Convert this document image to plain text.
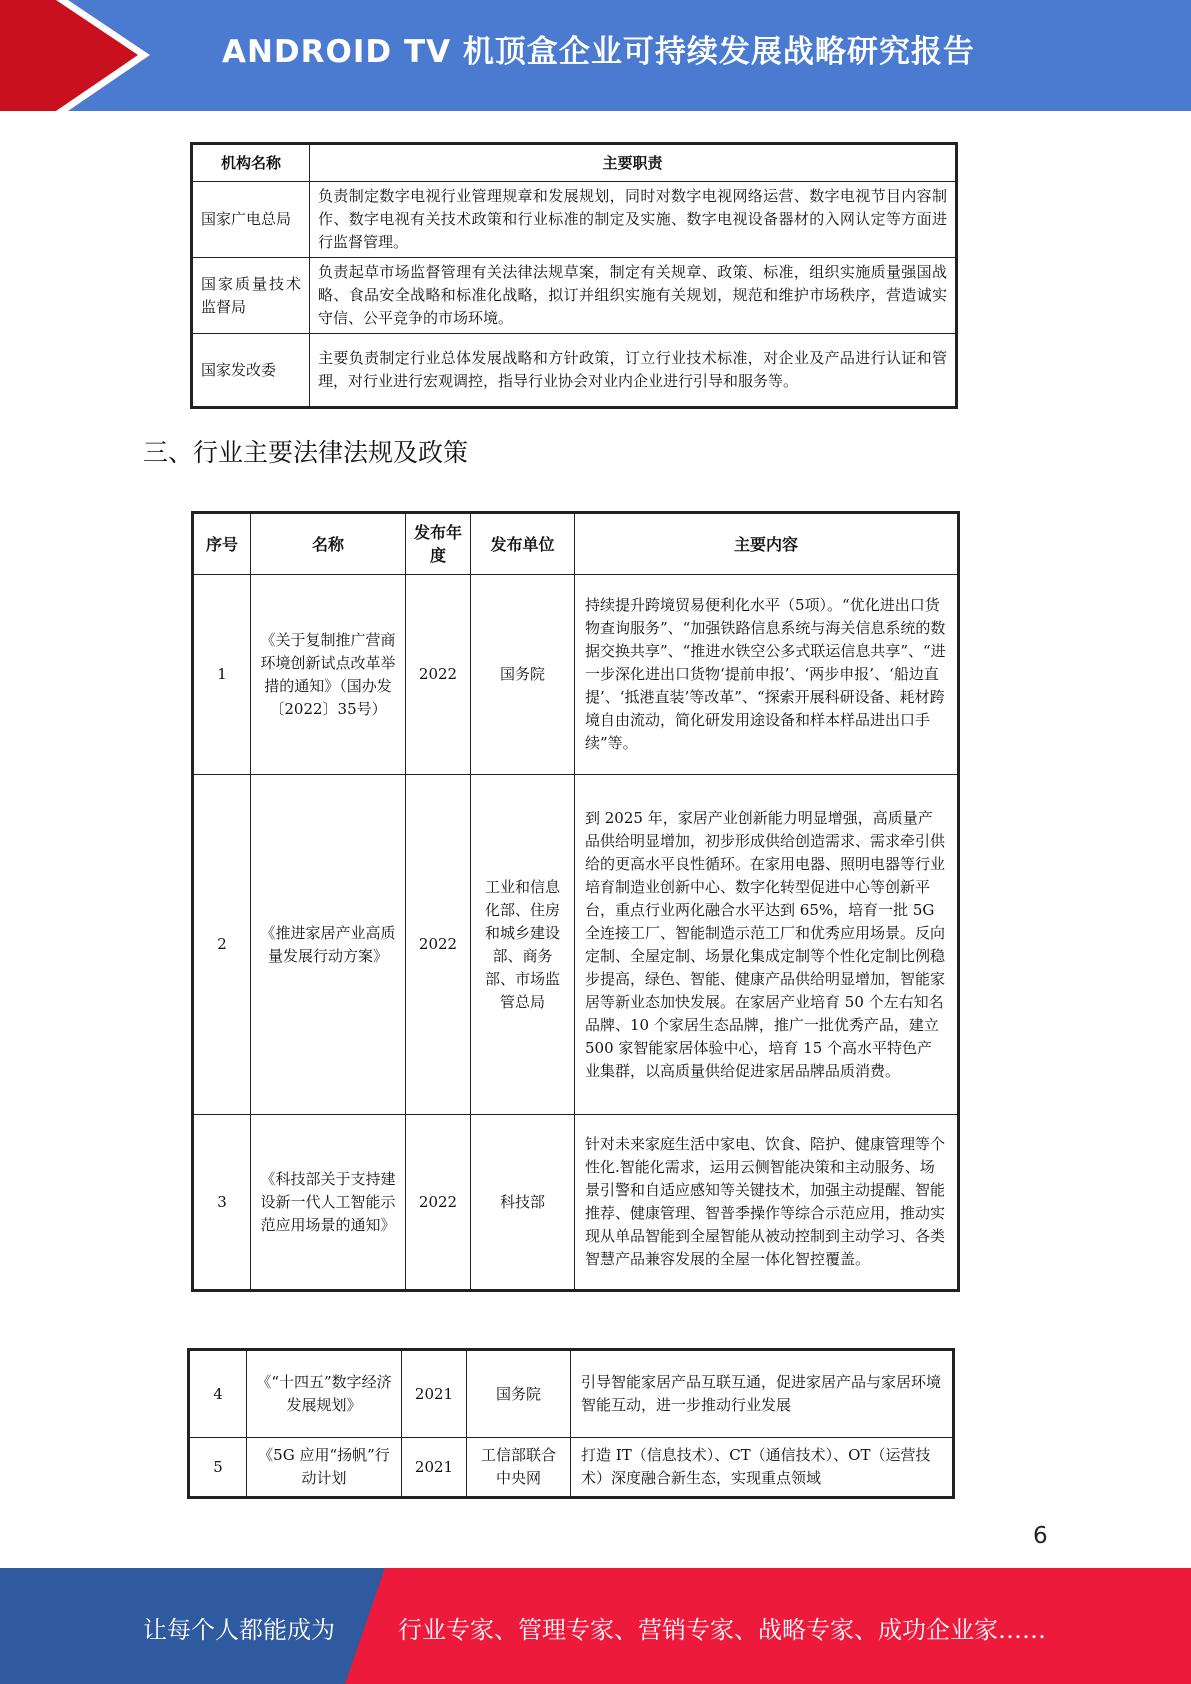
ANDROID TV 机顶盒企业可持续发展战略研究报告
机构名称	主要职责
国家广电总局	负责制定数字电视行业管理规章和发展规划，同时对数字电视网络运营、数字电视节目内容制作、数字电视有关技术政策和行业标准的制定及实施、数字电视设备器材的入网认定等方面进行监督管理。
国家质量技术监督局	负责起草市场监督管理有关法律法规草案，制定有关规章、政策、标准，组织实施质量强国战略、食品安全战略和标准化战略，拟订并组织实施有关规划，规范和维护市场秩序，营造诚实守信、公平竞争的市场环境。
国家发改委	主要负责制定行业总体发展战略和方针政策，订立行业技术标准，对企业及产品进行认证和管理，对行业进行宏观调控，指导行业协会对业内企业进行引导和服务等。
三、行业主要法律法规及政策
序号	名称	发布年度	发布单位	主要内容
1	《关于复制推广营商环境创新试点改革举措的通知》（国办发〔2022〕35号）	2022	国务院	持续提升跨境贸易便利化水平（5项）。“优化进出口货物查询服务”、“加强铁路信息系统与海关信息系统的数据交换共享”、“推进水铁空公多式联运信息共享”、“进一步深化进出口货物‘提前申报’、‘两步申报’、‘船边直提’、‘抵港直装’等改革”、“探索开展科研设备、耗材跨境自由流动，简化研发用途设备和样本样品进出口手续”等。
2	《推进家居产业高质量发展行动方案》	2022	工业和信息化部、住房和城乡建设部、商务部、市场监管总局	到 2025 年，家居产业创新能力明显增强，高质量产品供给明显增加，初步形成供给创造需求、需求牵引供给的更高水平良性循环。在家用电器、照明电器等行业培育制造业创新中心、数字化转型促进中心等创新平台，重点行业两化融合水平达到 65%，培育一批 5G 全连接工厂、智能制造示范工厂和优秀应用场景。反向定制、全屋定制、场景化集成定制等个性化定制比例稳步提高，绿色、智能、健康产品供给明显增加，智能家居等新业态加快发展。在家居产业培育 50 个左右知名品牌、10 个家居生态品牌，推广一批优秀产品，建立 500 家智能家居体验中心，培育 15 个高水平特色产业集群，以高质量供给促进家居品牌品质消费。
3	《科技部关于支持建设新一代人工智能示范应用场景的通知》	2022	科技部	针对未来家庭生活中家电、饮食、陪护、健康管理等个性化.智能化需求，运用云侧智能决策和主动服务、场景引警和自适应感知等关键技术，加强主动提醒、智能推荐、健康管理、智普季操作等综合示范应用，推动实现从单品智能到全屋智能从被动控制到主动学习、各类智慧产品兼容发展的全屋一体化智控覆盖。
4	《“十四五”数字经济发展规划》	2021	国务院	引导智能家居产品互联互通，促进家居产品与家居环境智能互动，进一步推动行业发展
5	《5G 应用“扬帆”行动计划	2021	工信部联合中央网	打造 IT（信息技术）、CT（通信技术）、OT（运营技术）深度融合新生态，实现重点领域
6
让每个人都能成为	行业专家、管理专家、营销专家、战略专家、成功企业家……
